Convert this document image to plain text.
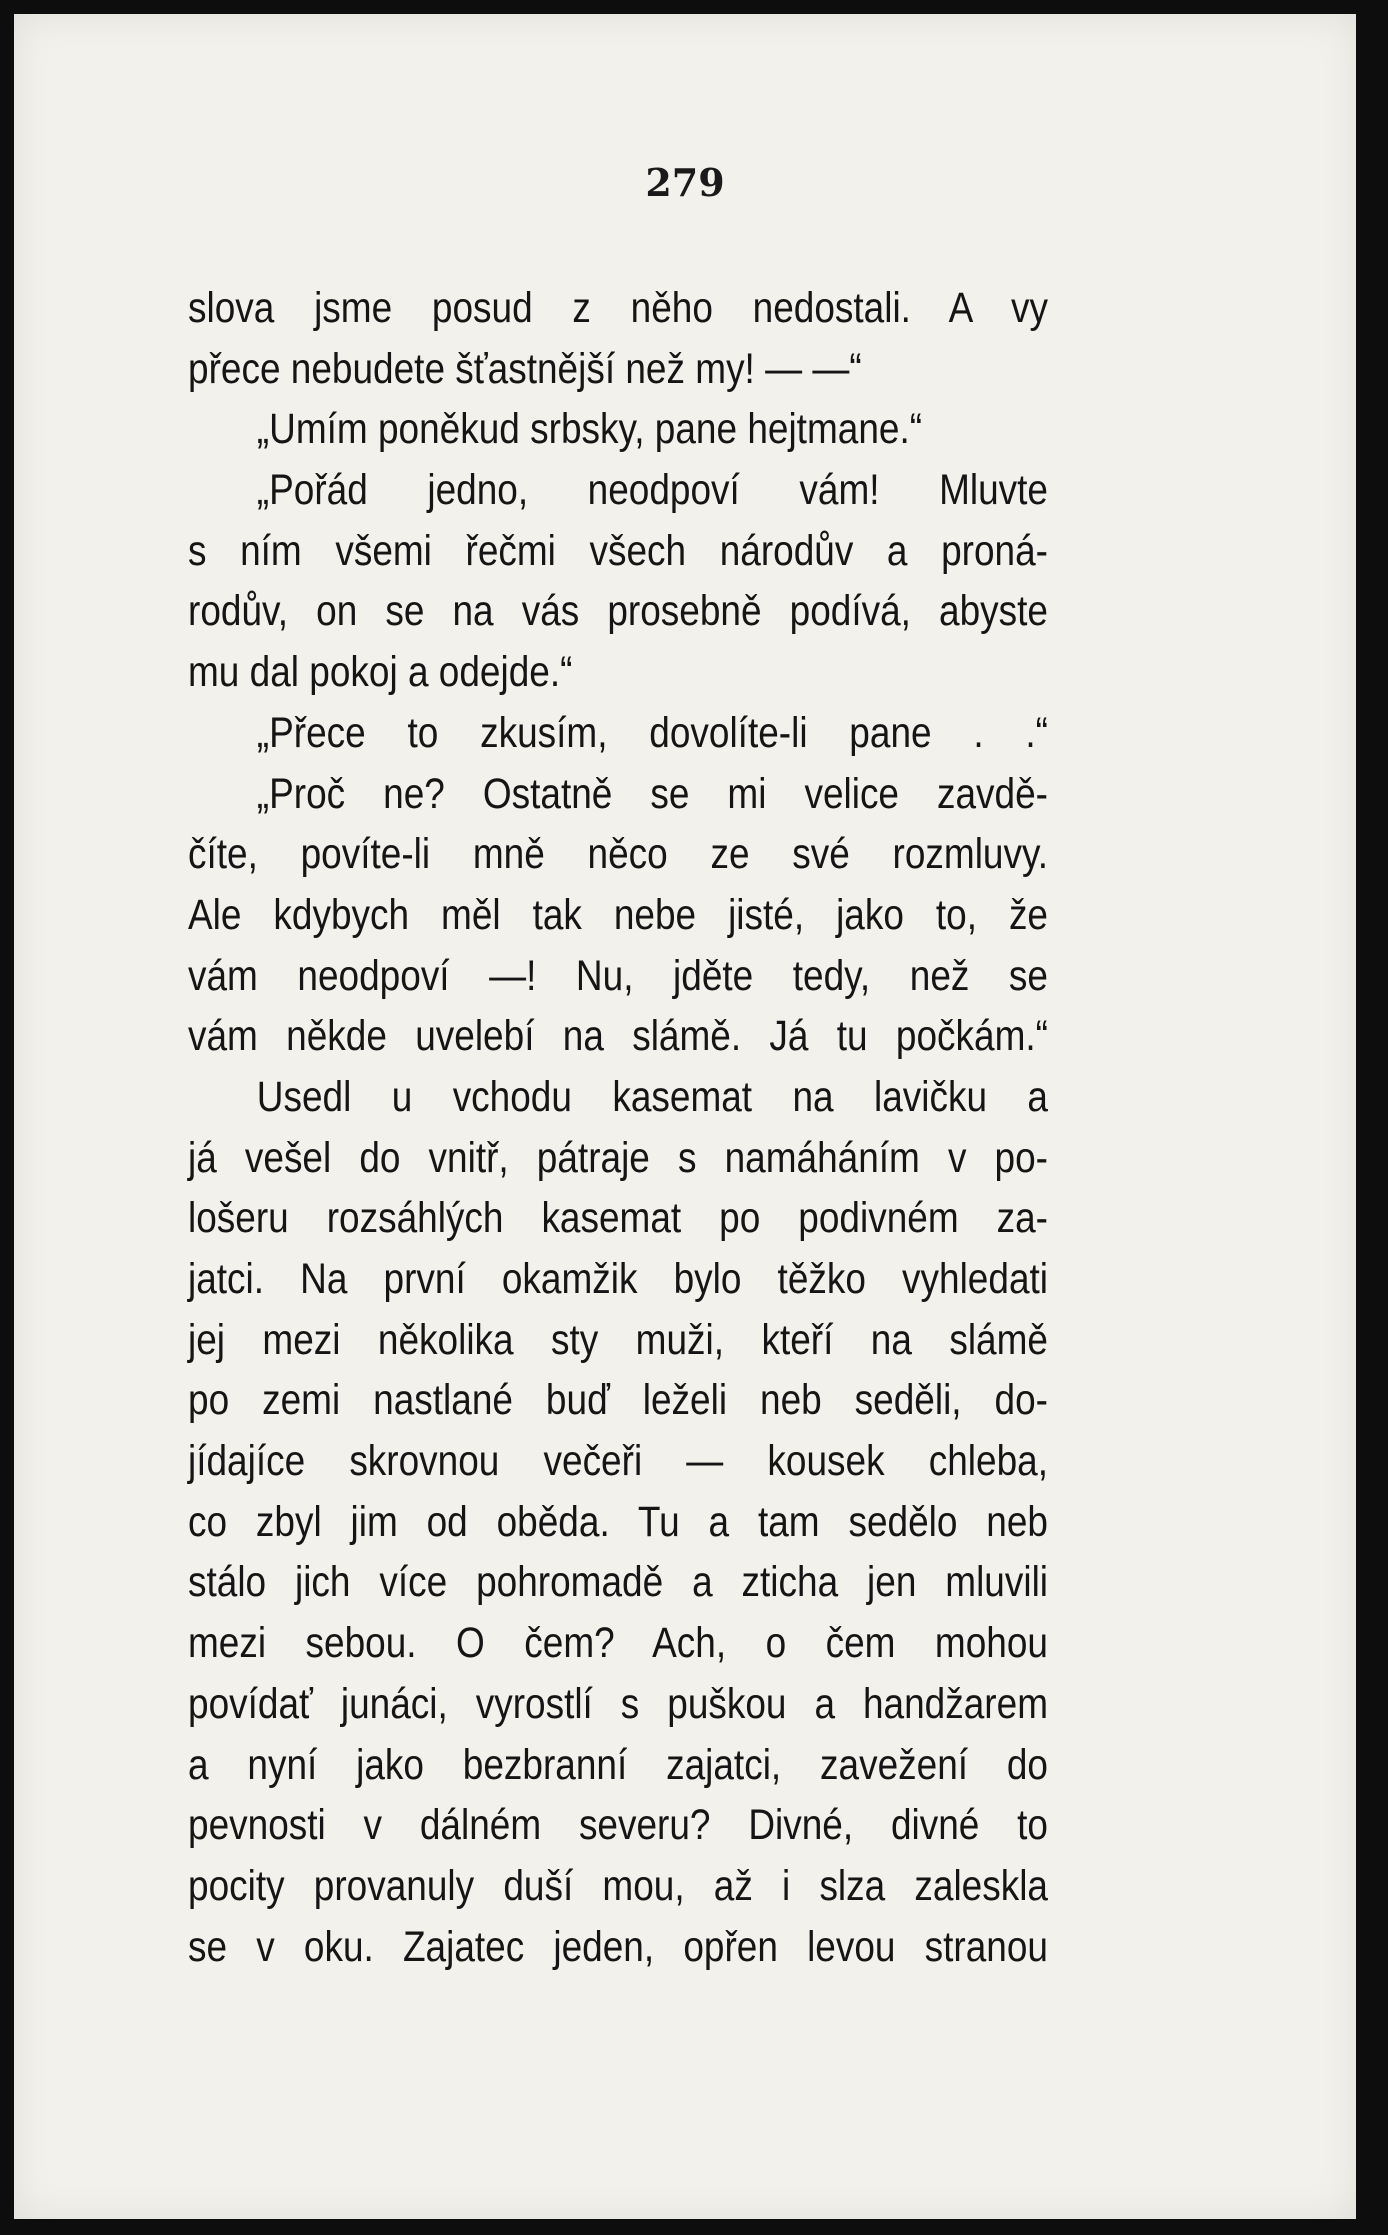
279
slova jsme posud z něho nedostali. A vy
přece nebudete šťastnější než my! — —“
„Umím poněkud srbsky, pane hejtmane.“
„Pořád jedno, neodpoví vám! Mluvte
s ním všemi řečmi všech národův a proná-
rodův, on se na vás prosebně podívá, abyste
mu dal pokoj a odejde.“
„Přece to zkusím, dovolíte-li pane . .“
„Proč ne? Ostatně se mi velice zavdě-
číte, povíte-li mně něco ze své rozmluvy.
Ale kdybych měl tak nebe jisté, jako to, že
vám neodpoví —! Nu, jděte tedy, než se
vám někde uvelebí na slámě. Já tu počkám.“
Usedl u vchodu kasemat na lavičku a
já vešel do vnitř, pátraje s namáháním v po-
lošeru rozsáhlých kasemat po podivném za-
jatci. Na první okamžik bylo těžko vyhledati
jej mezi několika sty muži, kteří na slámě
po zemi nastlané buď leželi neb seděli, do-
jídajíce skrovnou večeři — kousek chleba,
co zbyl jim od oběda. Tu a tam sedělo neb
stálo jich více pohromadě a zticha jen mluvili
mezi sebou. O čem? Ach, o čem mohou
povídať junáci, vyrostlí s puškou a handžarem
a nyní jako bezbranní zajatci, zavežení do
pevnosti v dálném severu? Divné, divné to
pocity provanuly duší mou, až i slza zaleskla
se v oku. Zajatec jeden, opřen levou stranou
